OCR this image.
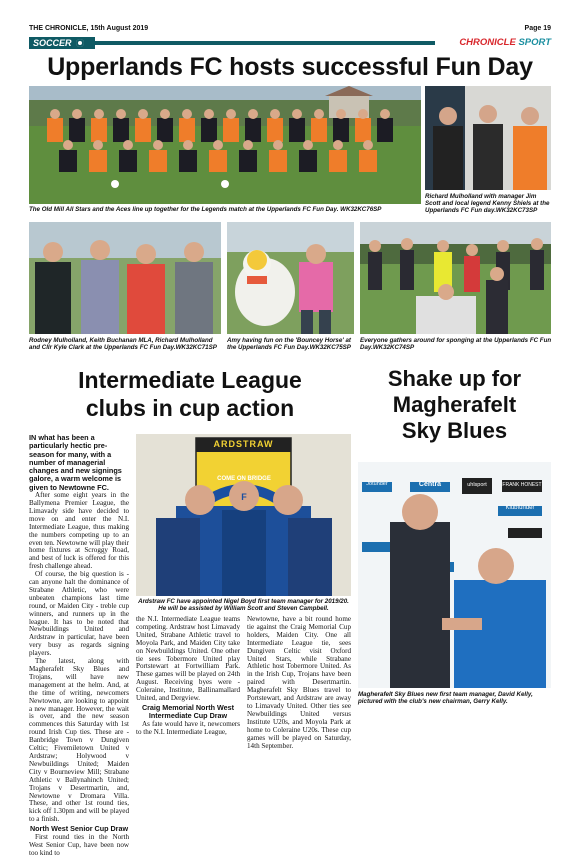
THE CHRONICLE, 15th August 2019	Page 19
SOCCER	CHRONICLE SPORT
Upperlands FC hosts successful Fun Day
The Old Mill All Stars and the Aces line up together for the Legends match at the Upperlands FC Fun Day. WK32KC76SP
Richard Mulholland with manager Jim Scott and local legend Kenny Shiels at the Upperlands FC Fun day.WK32KC73SP
Rodney Mulholland, Keith Buchanan MLA, Richard Mulholland and Cllr Kyle Clark at the Upperlands FC Fun Day.WK32KC71SP
Amy having fun on the 'Bouncey Horse' at the Upperlands FC Fun Day.WK32KC75SP
Everyone gathers around for sponging at the Upperlands FC Fun Day.WK32KC74SP
Intermediate League
clubs in cup action
Shake up for
Magherafelt
Sky Blues

IN what has been a particularly hectic pre-season for many, with a number of managerial changes and new signings galore, a warm welcome is given to Newtowne FC.

After some eight years in the Ballymena Premier League, the Limavady side have decided to move on and enter the N.I. Intermediate League, thus making the numbers competing up to an even ten. Newtowne will play their home fixtures at Scroggy Road, and best of luck is offered for this fresh challenge ahead.

Of course, the big question is - can anyone halt the dominance of Strabane Athletic, who were unbeaten champions last time round, or Maiden City - treble cup winners, and runners up in the league. It has to be noted that Newbuildings United and Ardstraw in particular, have been very busy as regards signing players.

The latest, along with Magherafelt Sky Blues and Trojans, will have new management at the helm. And, at the time of writing, newcomers Newtowne, are looking to appoint a new manager. However, the wait is over, and the new season commences this Saturday with 1st round Irish Cup ties. These are - Banbridge Town v Dungiven Celtic; Fivemiletown United v Ardstraw; Holywood v Newbuildings United; Maiden City v Bourneview Mill; Strabane Athletic v Ballynahinch United; Trojans v Desertmartin, and, Newtowne v Dromara Villa. These, and other 1st round ties, kick off 1.30pm and will be played to a finish.

North West Senior Cup Draw

First round ties in the North West Senior Cup, have been now too kind to

ARDSTRAW
COME ON BRIDGE
F
Ardstraw FC have appointed Nigel Boyd first team manager for 2019/20. He will be assisted by William Scott and Steven Campbell.

the N.I. Intermediate League teams competing. Ardstraw host Limavady United, Strabane Athletic travel to Moyola Park, and Maiden City take on Newbuildings United. One other tie sees Tobermore United play Portstewart at Fortwilliam Park. These games will be played on 24th August. Receiving byes were - Coleraine, Institute, Ballinamallard United, and Dergview.

Craig Memorial North West
Intermediate Cup Draw

As fate would have it, newcomers to the N.I. Intermediate League,

Newtowne, have a bit round home tie against the Craig Memorial Cup holders, Maiden City. One all Intermediate League tie, sees Dungiven Celtic visit Oxford United Stars, while Strabane Athletic host Tobermore United. As in the Irish Cup, Trojans have been paired with Desertmartin. Magherafelt Sky Blues travel to Portstewart, and Ardstraw are away to Limavady United. Other ties see Newbuildings United versus Institute U20s, and Moyola Park at home to Coleraine U20s. These cup games will be played on Saturday, 14th September.

Centra	uhlsport	FRANK HONEST
Klubfunder
Jotunder
Magherafelt Sky Blues new first team manager, David Kelly, pictured with the club's new chairman, Gerry Kelly.
